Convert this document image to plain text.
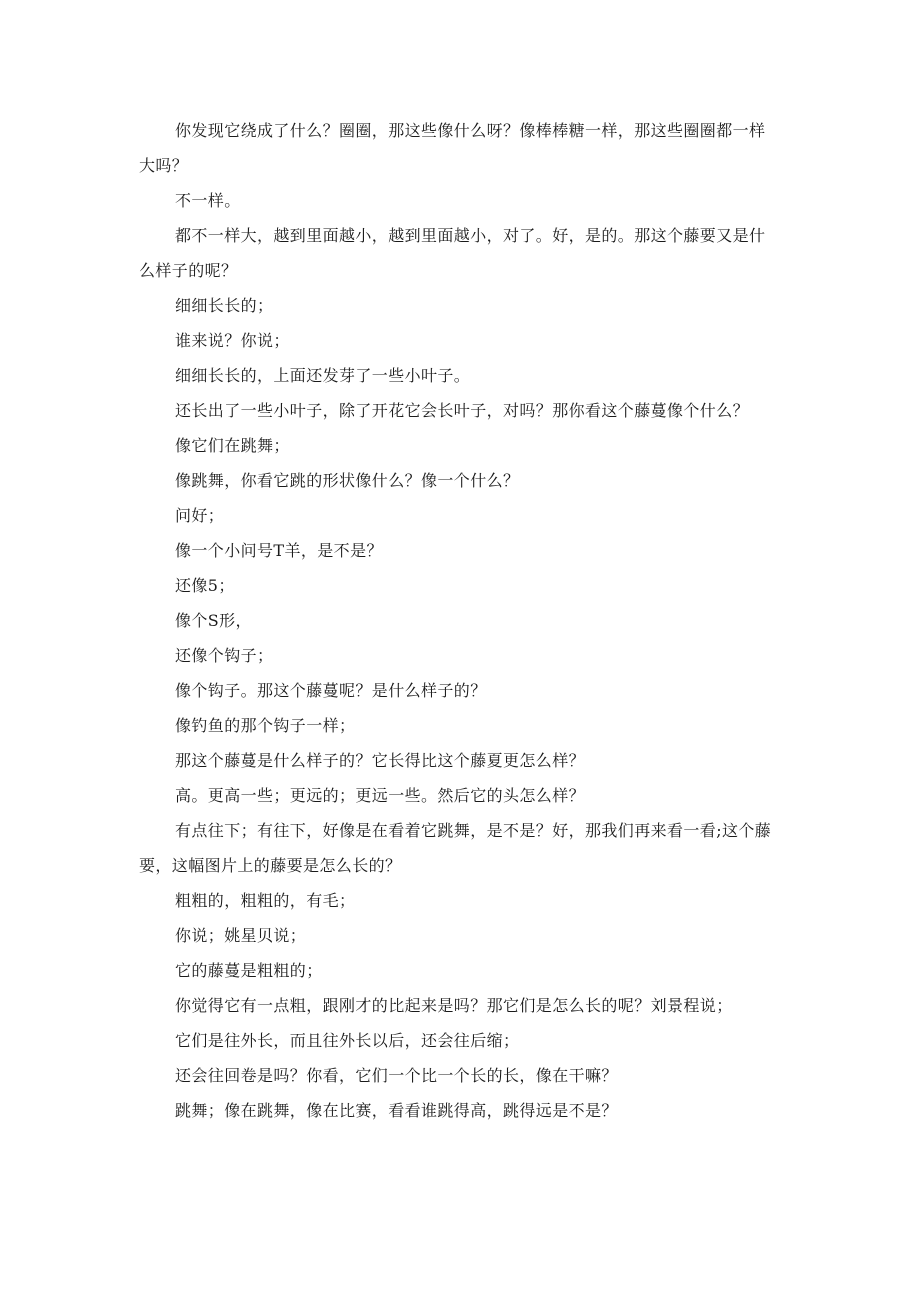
你发现它绕成了什么？圈圈，那这些像什么呀？像棒棒糖一样，那这些圈圈都一样大吗？

不一样。

都不一样大，越到里面越小，越到里面越小，对了。好，是的。那这个藤要又是什么样子的呢？

细细长长的；

谁来说？你说；

细细长长的，上面还发芽了一些小叶子。

还长出了一些小叶子，除了开花它会长叶子，对吗？那你看这个藤蔓像个什么？

像它们在跳舞；

像跳舞，你看它跳的形状像什么？像一个什么？

问好；

像一个小问号T羊，是不是？

还像5；

像个S形，

还像个钩子；

像个钩子。那这个藤蔓呢？是什么样子的？

像钓鱼的那个钩子一样；

那这个藤蔓是什么样子的？它长得比这个藤夏更怎么样？

高。更高一些；更远的；更远一些。然后它的头怎么样？

有点往下；有往下，好像是在看着它跳舞，是不是？好，那我们再来看一看;这个藤要，这幅图片上的藤要是怎么长的？

粗粗的，粗粗的，有毛；

你说；姚星贝说；

它的藤蔓是粗粗的；

你觉得它有一点粗，跟刚才的比起来是吗？那它们是怎么长的呢？刘景程说；

它们是往外长，而且往外长以后，还会往后缩；

还会往回卷是吗？你看，它们一个比一个长的长，像在干嘛？

跳舞；像在跳舞，像在比赛，看看谁跳得高，跳得远是不是？
